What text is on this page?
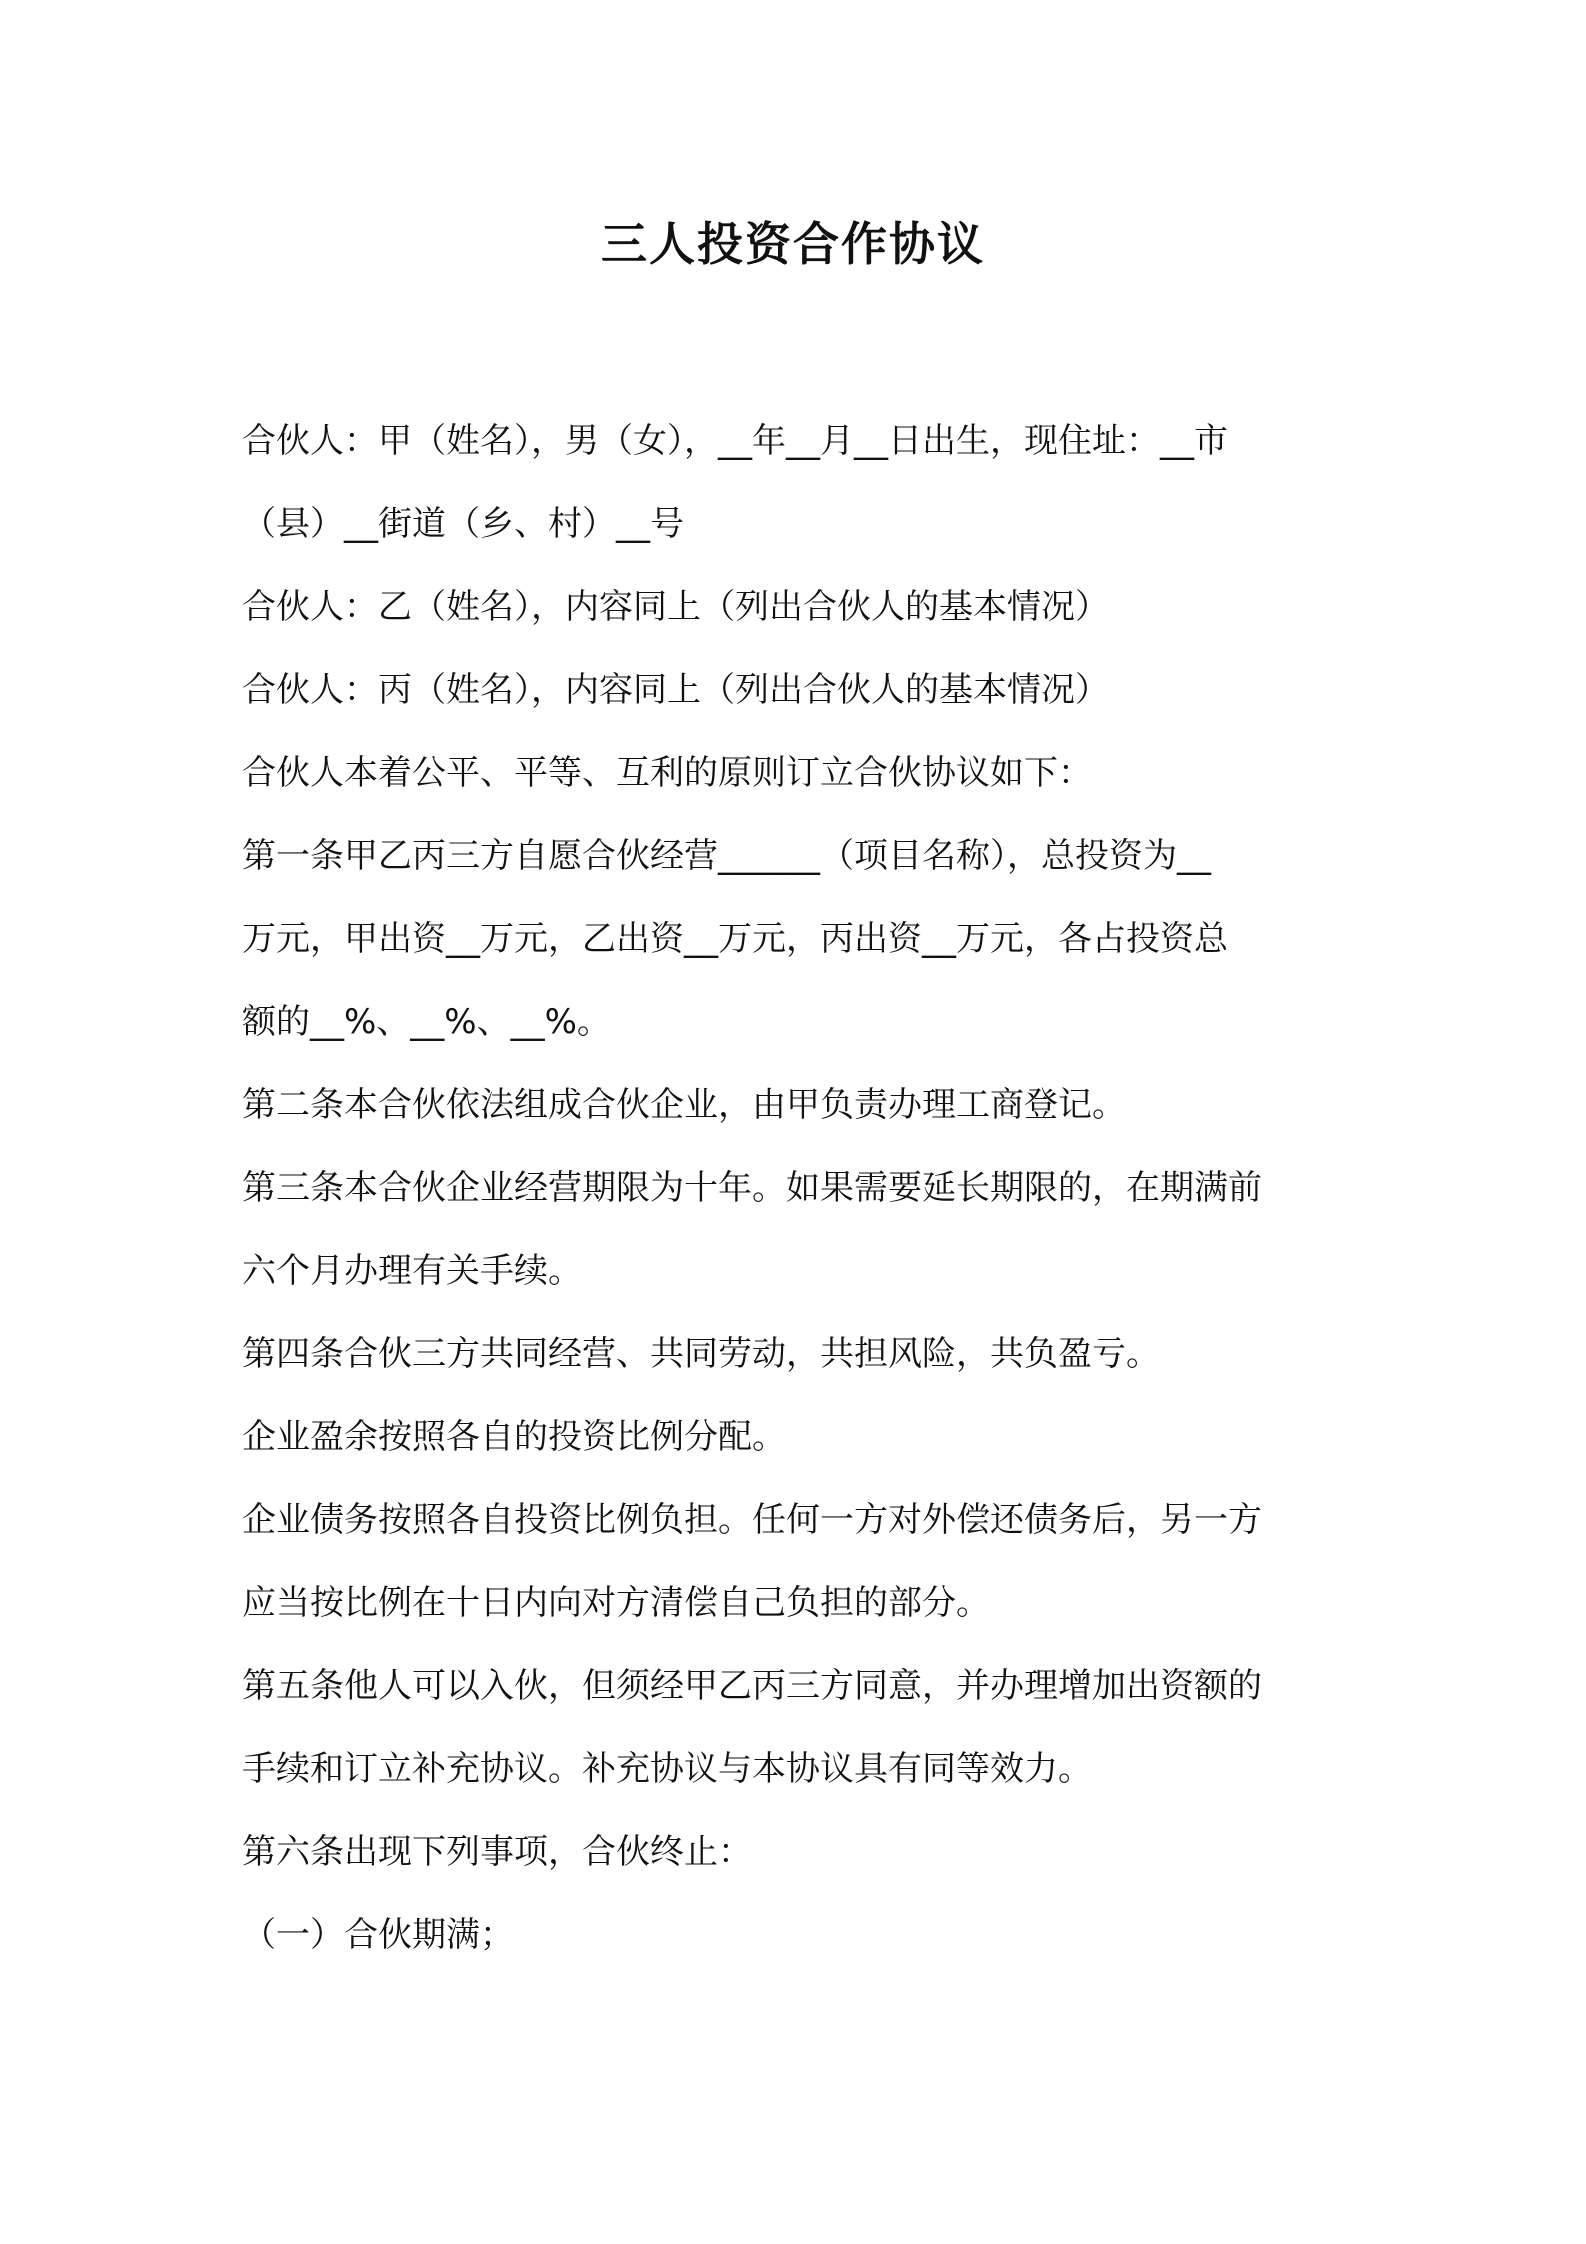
三人投资合作协议
合伙人：甲（姓名），男（女），__年__月__日出生，现住址：__市
（县）__街道（乡、村）__号
合伙人：乙（姓名），内容同上（列出合伙人的基本情况）
合伙人：丙（姓名），内容同上（列出合伙人的基本情况）
合伙人本着公平、平等、互利的原则订立合伙协议如下：
第一条甲乙丙三方自愿合伙经营______（项目名称），总投资为__
万元，甲出资__万元，乙出资__万元，丙出资__万元，各占投资总
额的__%、__%、__%。
第二条本合伙依法组成合伙企业，由甲负责办理工商登记。
第三条本合伙企业经营期限为十年。如果需要延长期限的，在期满前
六个月办理有关手续。
第四条合伙三方共同经营、共同劳动，共担风险，共负盈亏。
企业盈余按照各自的投资比例分配。
企业债务按照各自投资比例负担。任何一方对外偿还债务后，另一方
应当按比例在十日内向对方清偿自己负担的部分。
第五条他人可以入伙，但须经甲乙丙三方同意，并办理增加出资额的
手续和订立补充协议。补充协议与本协议具有同等效力。
第六条出现下列事项，合伙终止：
（一）合伙期满；
